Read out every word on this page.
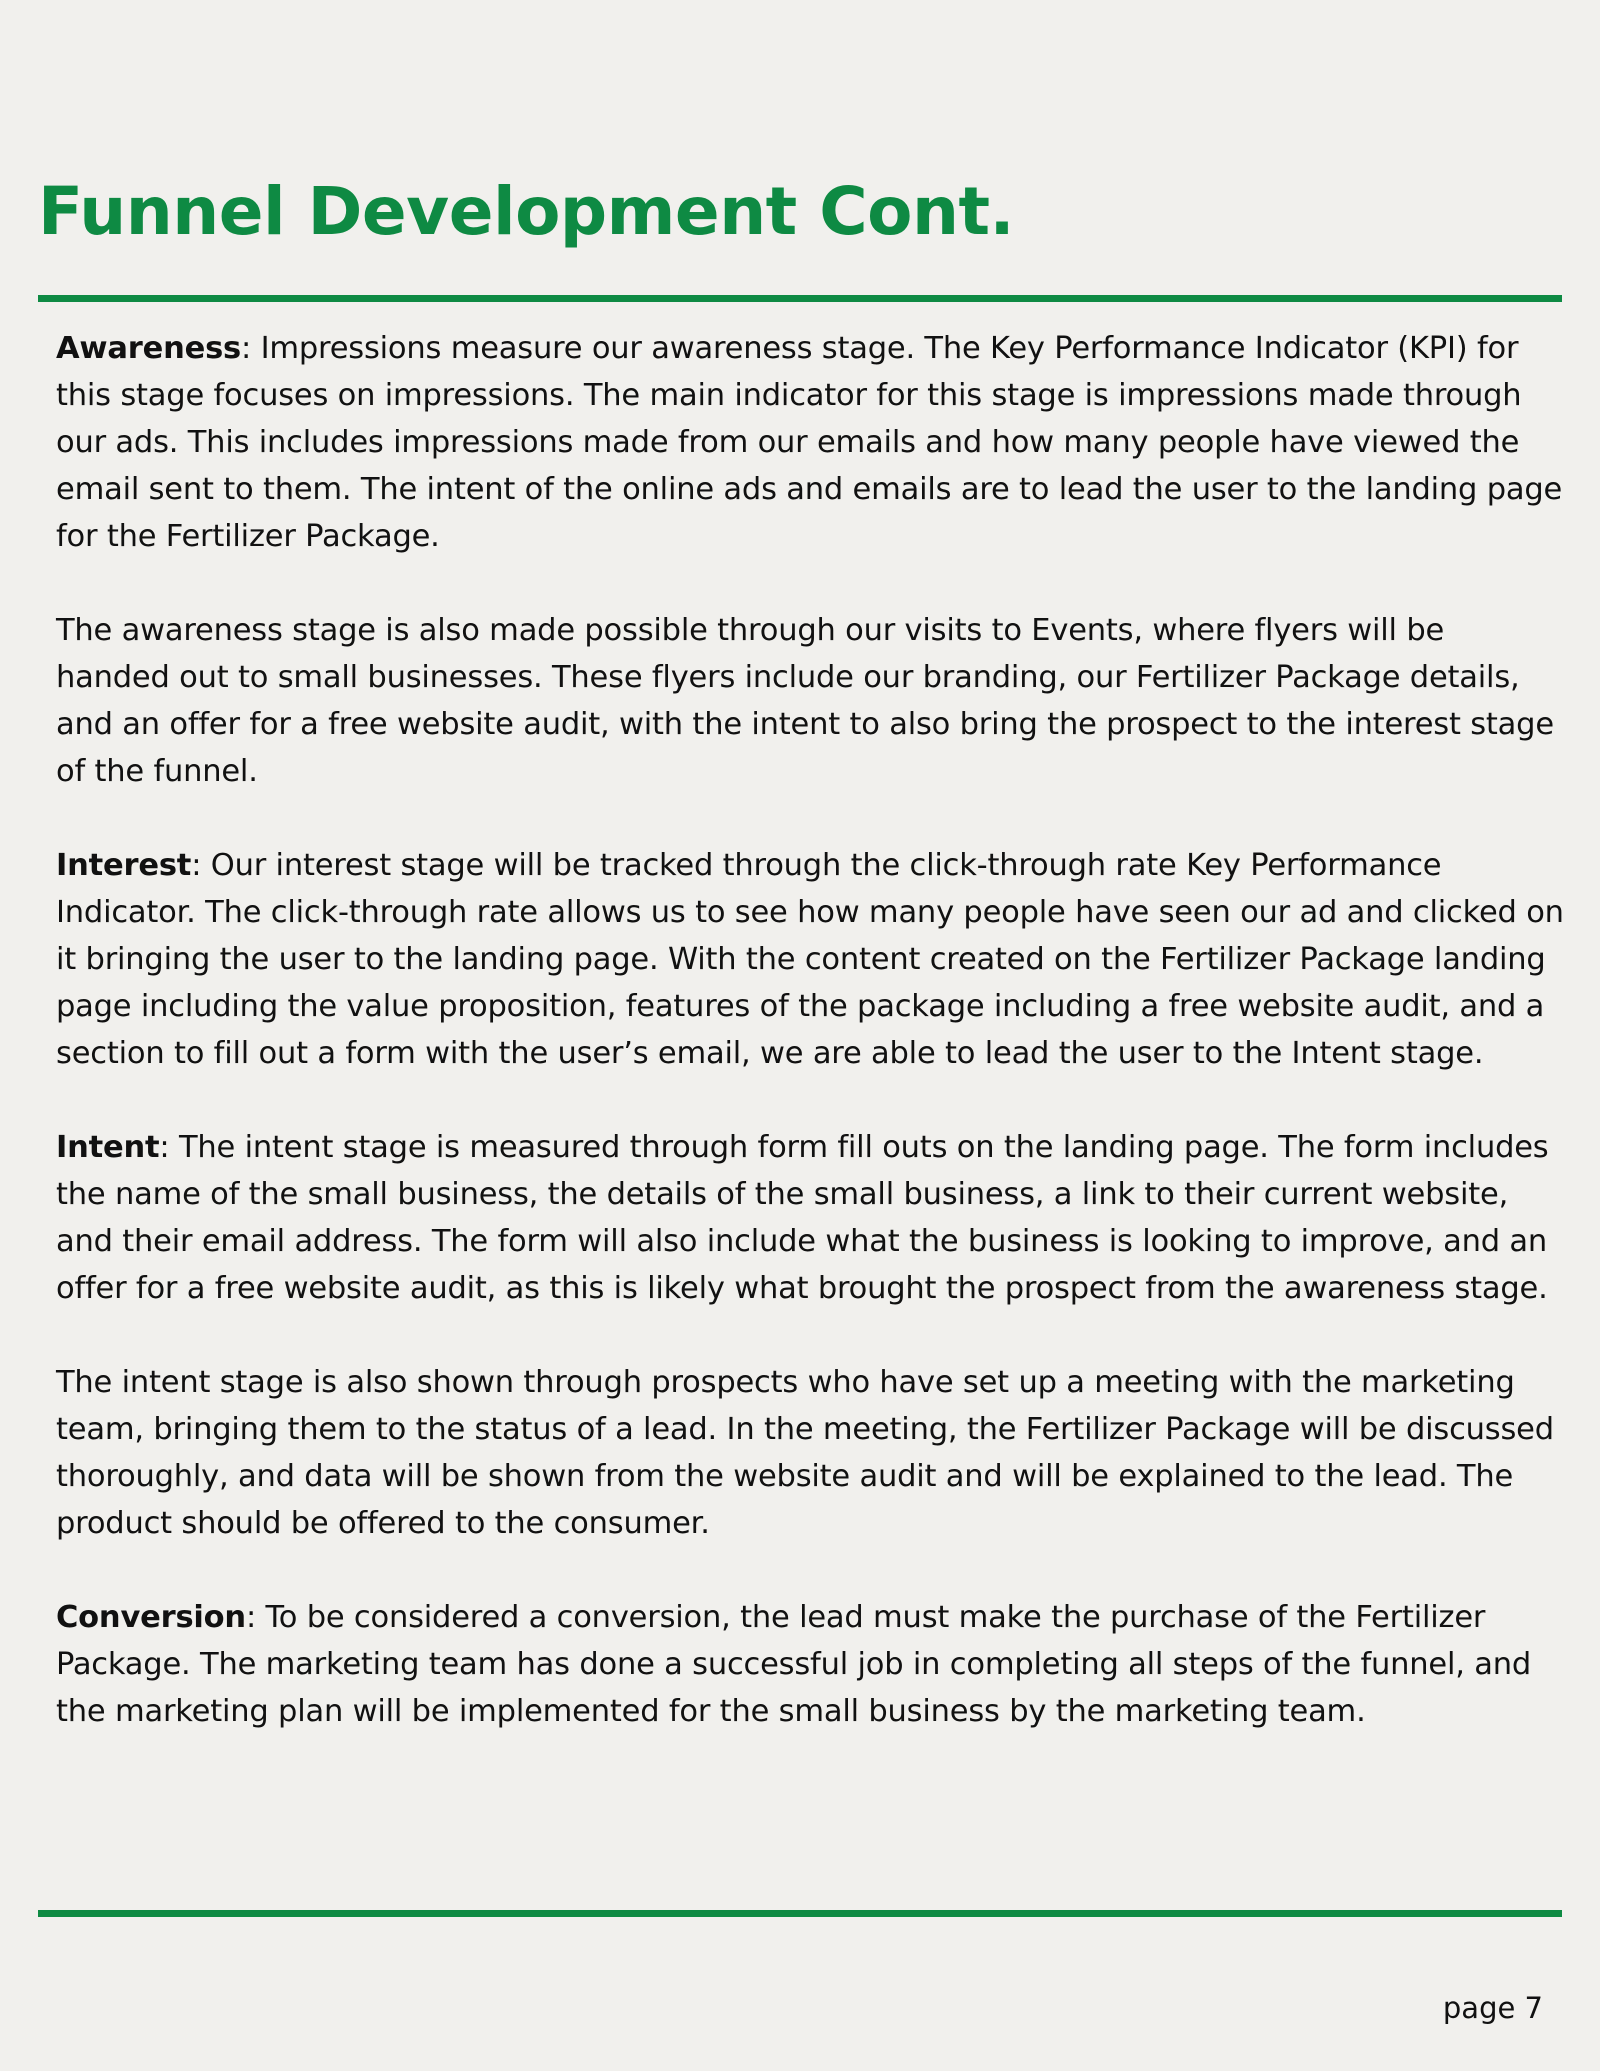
Funnel Development Cont.

Awareness: Impressions measure our awareness stage. The Key Performance Indicator (KPI) for this stage focuses on impressions. The main indicator for this stage is impressions made through our ads. This includes impressions made from our emails and how many people have viewed the email sent to them. The intent of the online ads and emails are to lead the user to the landing page for the Fertilizer Package.

The awareness stage is also made possible through our visits to Events, where flyers will be handed out to small businesses. These flyers include our branding, our Fertilizer Package details, and an offer for a free website audit, with the intent to also bring the prospect to the interest stage of the funnel.

Interest: Our interest stage will be tracked through the click-through rate Key Performance Indicator. The click-through rate allows us to see how many people have seen our ad and clicked on it bringing the user to the landing page. With the content created on the Fertilizer Package landing page including the value proposition, features of the package including a free website audit, and a section to fill out a form with the user’s email, we are able to lead the user to the Intent stage.

Intent: The intent stage is measured through form fill outs on the landing page. The form includes the name of the small business, the details of the small business, a link to their current website, and their email address. The form will also include what the business is looking to improve, and an offer for a free website audit, as this is likely what brought the prospect from the awareness stage.

The intent stage is also shown through prospects who have set up a meeting with the marketing team, bringing them to the status of a lead. In the meeting, the Fertilizer Package will be discussed thoroughly, and data will be shown from the website audit and will be explained to the lead. The product should be offered to the consumer.

Conversion: To be considered a conversion, the lead must make the purchase of the Fertilizer Package. The marketing team has done a successful job in completing all steps of the funnel, and the marketing plan will be implemented for the small business by the marketing team.

page 7
